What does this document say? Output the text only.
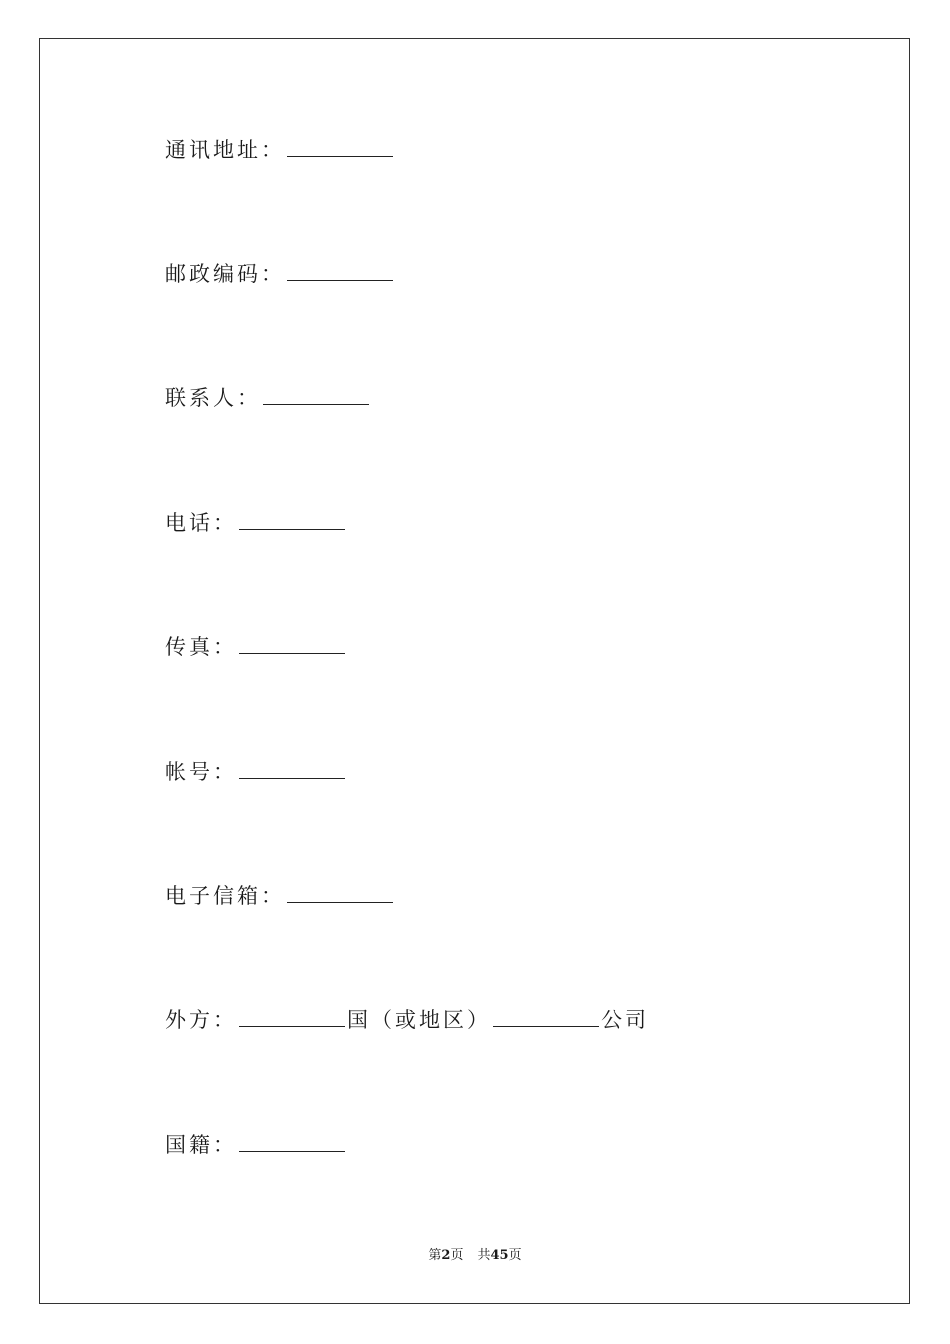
通讯地址：
邮政编码：
联系人：
电话：
传真：
帐号：
电子信箱：
外方：	国（或地区）	公司
国籍：
第2页 共45页
